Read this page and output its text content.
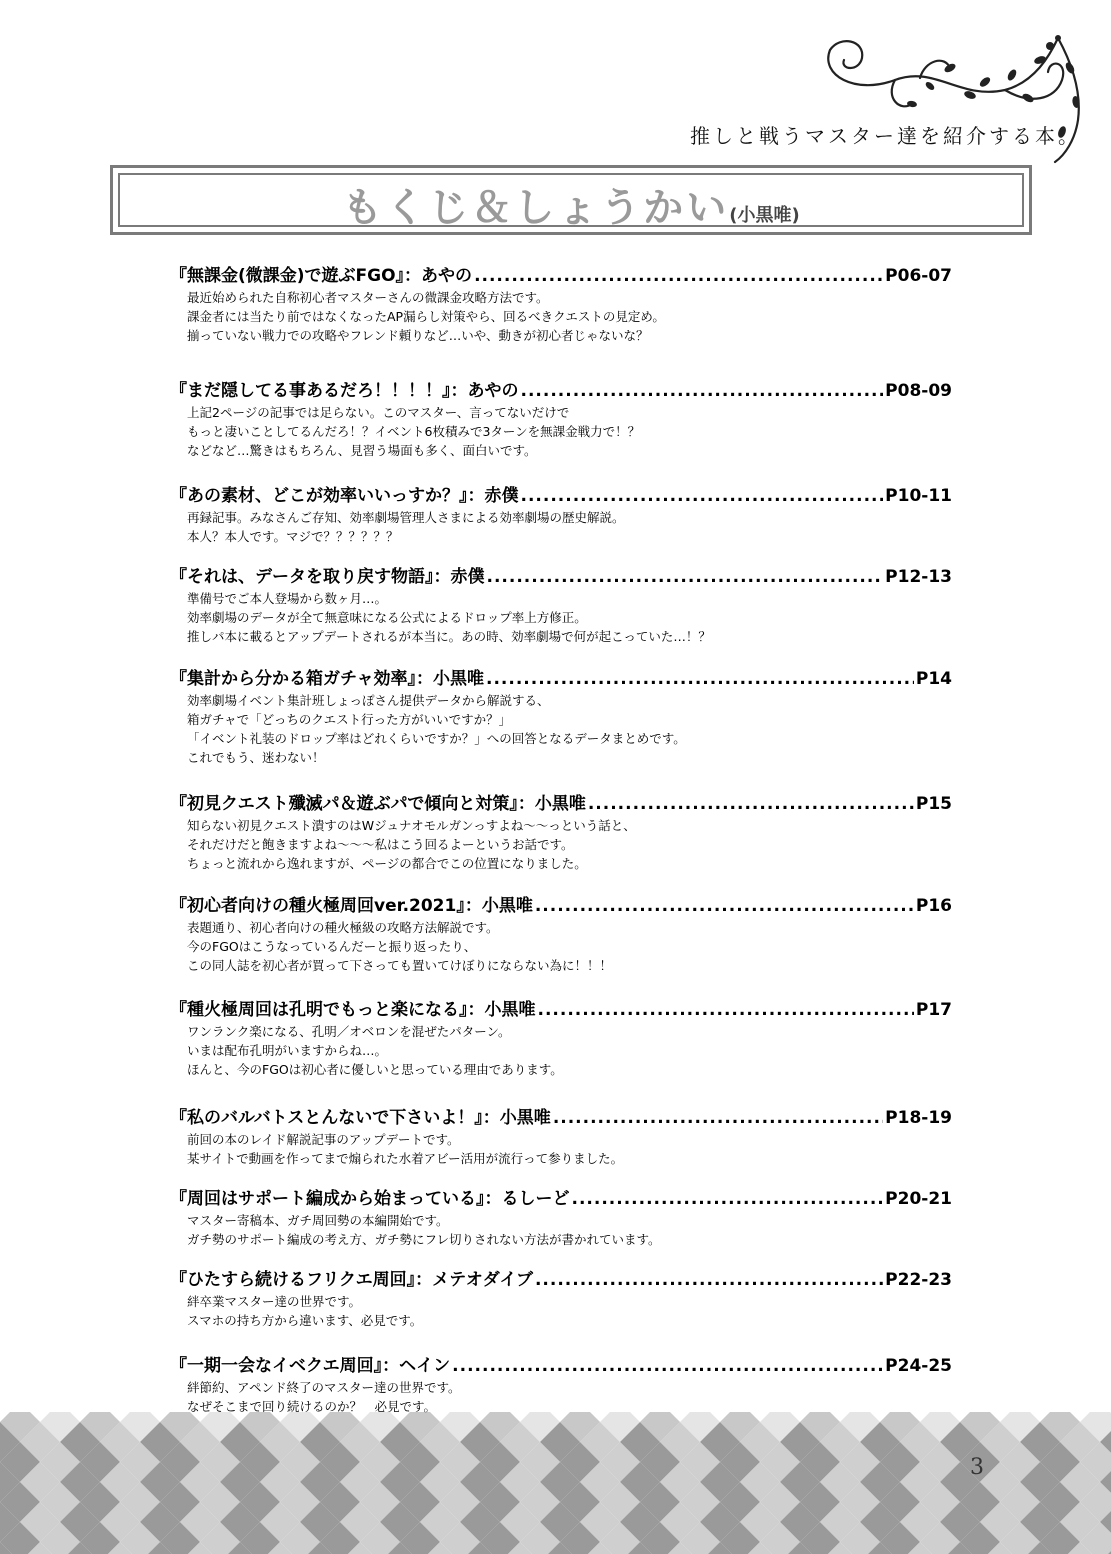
推しと戦うマスター達を紹介する本。
もくじ＆しょうかい(小黒唯)
『無課金(微課金)で遊ぶFGO』：あやの .....	P06-07
最近始められた自称初心者マスターさんの微課金攻略方法です。
課金者には当たり前ではなくなったAP漏らし対策やら、回るべきクエストの見定め。
揃っていない戦力での攻略やフレンド頼りなど…いや、動きが初心者じゃないな？
『まだ隠してる事あるだろ！！！！』：あやの .....	P08-09
上記2ページの記事では足らない。このマスター、言ってないだけで
もっと凄いことしてるんだろ！？イベント6枚積みで3ターンを無課金戦力で！？
などなど…驚きはもちろん、見習う場面も多く、面白いです。
『あの素材、どこが効率いいっすか？』：赤僕 .....	P10-11
再録記事。みなさんご存知、効率劇場管理人さまによる効率劇場の歴史解説。
本人？本人です。マジで？？？？？？
『それは、データを取り戻す物語』：赤僕 .....	P12-13
準備号でご本人登場から数ヶ月…。
効率劇場のデータが全て無意味になる公式によるドロップ率上方修正。
推しパ本に載るとアップデートされるが本当に。あの時、効率劇場で何が起こっていた…！？
『集計から分かる箱ガチャ効率』：小黒唯 .....	P14
効率劇場イベント集計班しょっぽさん提供データから解説する、
箱ガチャで「どっちのクエスト行った方がいいですか？」
「イベント礼装のドロップ率はどれくらいですか？」への回答となるデータまとめです。
これでもう、迷わない！
『初見クエスト殲滅パ＆遊ぶパで傾向と対策』：小黒唯 .....	P15
知らない初見クエスト潰すのはWジュナオモルガンっすよね～～っという話と、
それだけだと飽きますよね～～～私はこう回るよーというお話です。
ちょっと流れから逸れますが、ページの都合でこの位置になりました。
『初心者向けの種火極周回ver.2021』：小黒唯 .....	P16
表題通り、初心者向けの種火極級の攻略方法解説です。
今のFGOはこうなっているんだーと振り返ったり、
この同人誌を初心者が買って下さっても置いてけぼりにならない為に！！！
『種火極周回は孔明でもっと楽になる』：小黒唯 .....	P17
ワンランク楽になる、孔明／オベロンを混ぜたパターン。
いまは配布孔明がいますからね…。
ほんと、今のFGOは初心者に優しいと思っている理由であります。
『私のバルバトスとんないで下さいよ！』：小黒唯 .....	P18-19
前回の本のレイド解説記事のアップデートです。
某サイトで動画を作ってまで煽られた水着アビー活用が流行って参りました。
『周回はサポート編成から始まっている』：るしーど .....	P20-21
マスター寄稿本、ガチ周回勢の本編開始です。
ガチ勢のサポート編成の考え方、ガチ勢にフレ切りされない方法が書かれています。
『ひたすら続けるフリクエ周回』：メテオダイブ .....	P22-23
絆卒業マスター達の世界です。
スマホの持ち方から違います、必見です。
『一期一会なイベクエ周回』：ヘイン .....	P24-25
絆節約、アペンド終了のマスター達の世界です。
なぜそこまで回り続けるのか？　必見です。
3
